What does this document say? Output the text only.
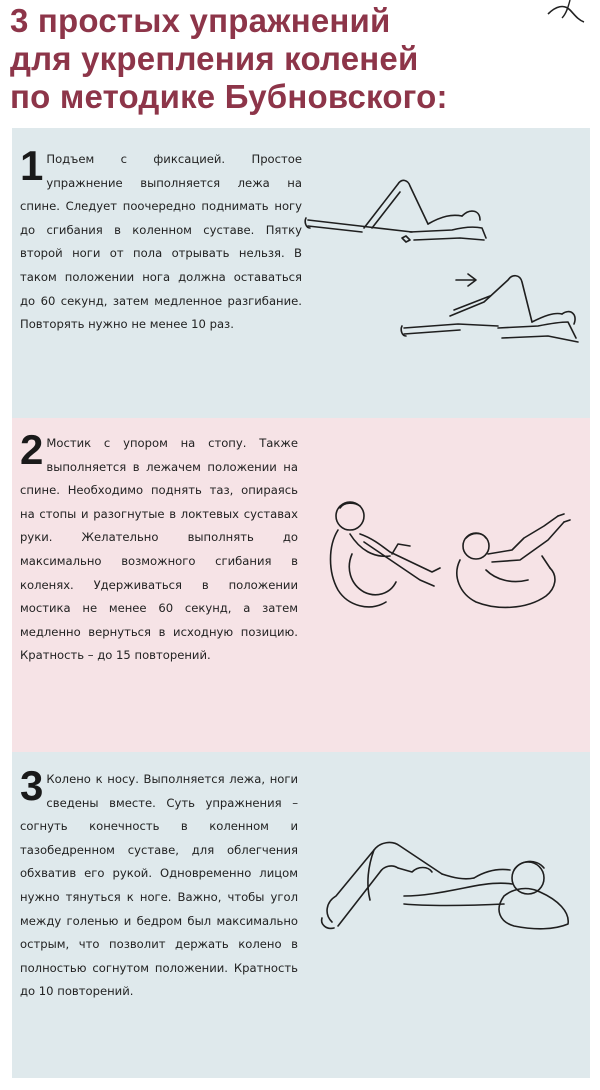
3 простых упражнений
для укрепления коленей
по методике Бубновского:
1 Подъем с фиксацией. Простое упражнение выполняется лежа на спине. Следует поочередно поднимать ногу до сгибания в коленном суставе. Пятку второй ноги от пола отрывать нельзя. В таком положении нога должна оставаться до 60 секунд, затем медленное разгибание. Повторять нужно не менее 10 раз.
2 Мостик с упором на стопу. Также выполняется в лежачем положении на спине. Необходимо поднять таз, опираясь на стопы и разогнутые в локтевых суставах руки. Желательно выполнять до максимально возможного сгибания в коленях. Удерживаться в положении мостика не менее 60 секунд, а затем медленно вернуться в исходную позицию. Кратность – до 15 повторений.
3 Колено к носу. Выполняется лежа, ноги сведены вместе. Суть упражнения – согнуть конечность в коленном и тазобедренном суставе, для облегчения обхватив его рукой. Одновременно лицом нужно тянуться к ноге. Важно, чтобы угол между голенью и бедром был максимально острым, что позволит держать колено в полностью согнутом положении. Кратность до 10 повторений.
